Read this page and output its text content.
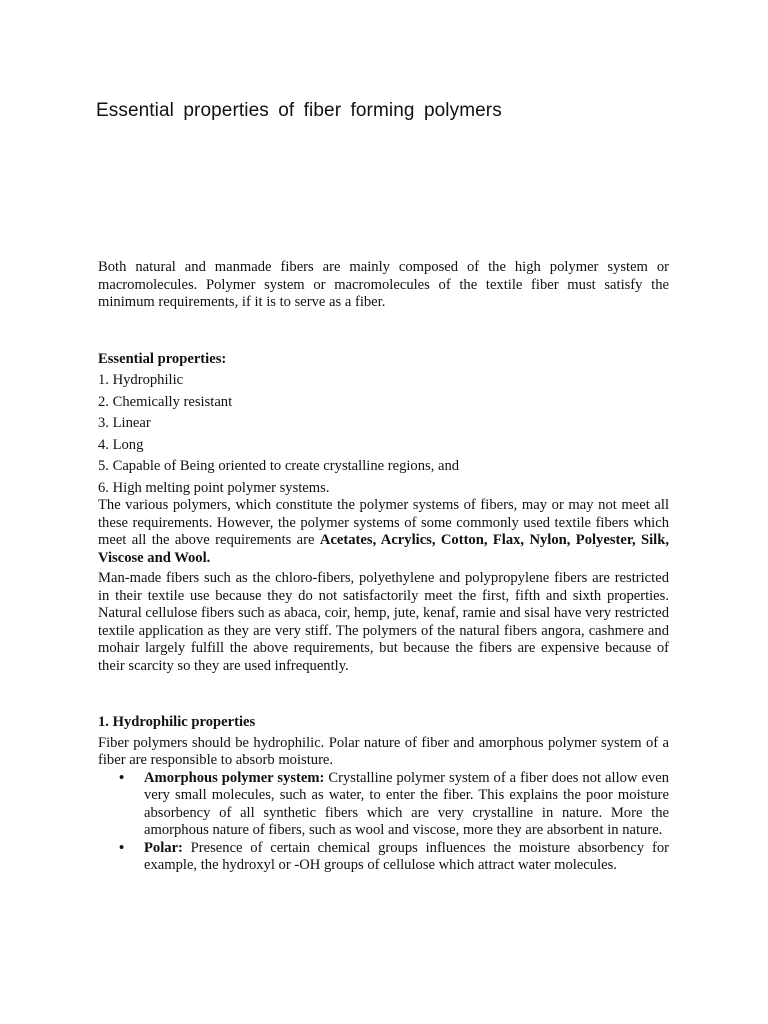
Essential properties of fiber forming polymers

Both natural and manmade fibers are mainly composed of the high polymer system or macromolecules. Polymer system or macromolecules of the textile fiber must satisfy the minimum requirements, if it is to serve as a fiber.

Essential properties:

1. Hydrophilic
2. Chemically resistant
3. Linear
4. Long
5. Capable of Being oriented to create crystalline regions, and
6. High melting point polymer systems.

The various polymers, which constitute the polymer systems of fibers, may or may not meet all these requirements. However, the polymer systems of some commonly used textile fibers which meet all the above requirements are Acetates, Acrylics, Cotton, Flax, Nylon, Polyester, Silk, Viscose and Wool.

Man-made fibers such as the chloro-fibers, polyethylene and polypropylene fibers are restricted in their textile use because they do not satisfactorily meet the first, fifth and sixth properties. Natural cellulose fibers such as abaca, coir, hemp, jute, kenaf, ramie and sisal have very restricted textile application as they are very stiff. The polymers of the natural fibers angora, cashmere and mohair largely fulfill the above requirements, but because the fibers are expensive because of their scarcity so they are used infrequently.

1. Hydrophilic properties

Fiber polymers should be hydrophilic. Polar nature of fiber and amorphous polymer system of a fiber are responsible to absorb moisture.

• Amorphous polymer system: Crystalline polymer system of a fiber does not allow even very small molecules, such as water, to enter the fiber. This explains the poor moisture absorbency of all synthetic fibers which are very crystalline in nature. More the amorphous nature of fibers, such as wool and viscose, more they are absorbent in nature.
• Polar: Presence of certain chemical groups influences the moisture absorbency for example, the hydroxyl or -OH groups of cellulose which attract water molecules.
